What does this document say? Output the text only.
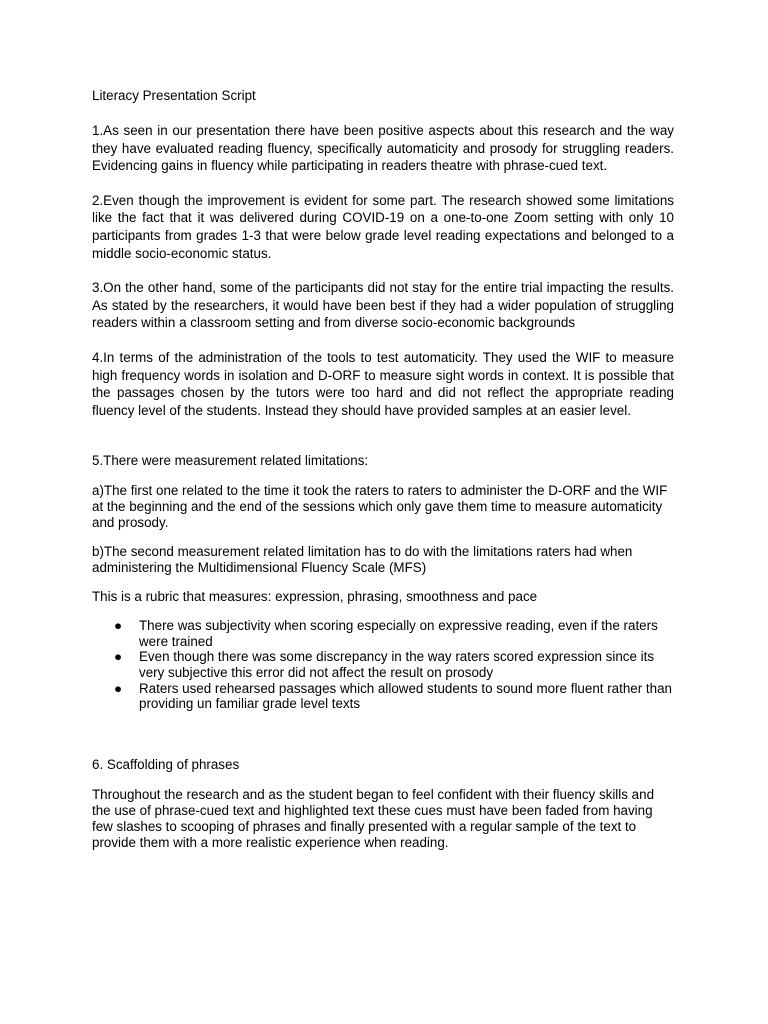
Literacy Presentation Script

1.As seen in our presentation there have been positive aspects about this research and the way they have evaluated reading fluency, specifically automaticity and prosody for struggling readers. Evidencing gains in fluency while participating in readers theatre with phrase-cued text.

2.Even though the improvement is evident for some part. The research showed some limitations like the fact that it was delivered during COVID-19 on a one-to-one Zoom setting with only 10 participants from grades 1-3 that were below grade level reading expectations and belonged to a middle socio-economic status.

3.On the other hand, some of the participants did not stay for the entire trial impacting the results. As stated by the researchers, it would have been best if they had a wider population of struggling readers within a classroom setting and from diverse socio-economic backgrounds

4.In terms of the administration of the tools to test automaticity. They used the WIF to measure high frequency words in isolation and D-ORF to measure sight words in context. It is possible that the passages chosen by the tutors were too hard and did not reflect the appropriate reading fluency level of the students. Instead they should have provided samples at an easier level.

5.There were measurement related limitations:

a)The first one related to the time it took the raters to raters to administer the D-ORF and the WIF at the beginning and the end of the sessions which only gave them time to measure automaticity and prosody.

b)The second measurement related limitation has to do with the limitations raters had when administering the Multidimensional Fluency Scale (MFS)

This is a rubric that measures: expression, phrasing, smoothness and pace

● There was subjectivity when scoring especially on expressive reading, even if the raters were trained
● Even though there was some discrepancy in the way raters scored expression since its very subjective this error did not affect the result on prosody
● Raters used rehearsed passages which allowed students to sound more fluent rather than providing un familiar grade level texts

6. Scaffolding of phrases

Throughout the research and as the student began to feel confident with their fluency skills and the use of phrase-cued text and highlighted text these cues must have been faded from having few slashes to scooping of phrases and finally presented with a regular sample of the text to provide them with a more realistic experience when reading.
